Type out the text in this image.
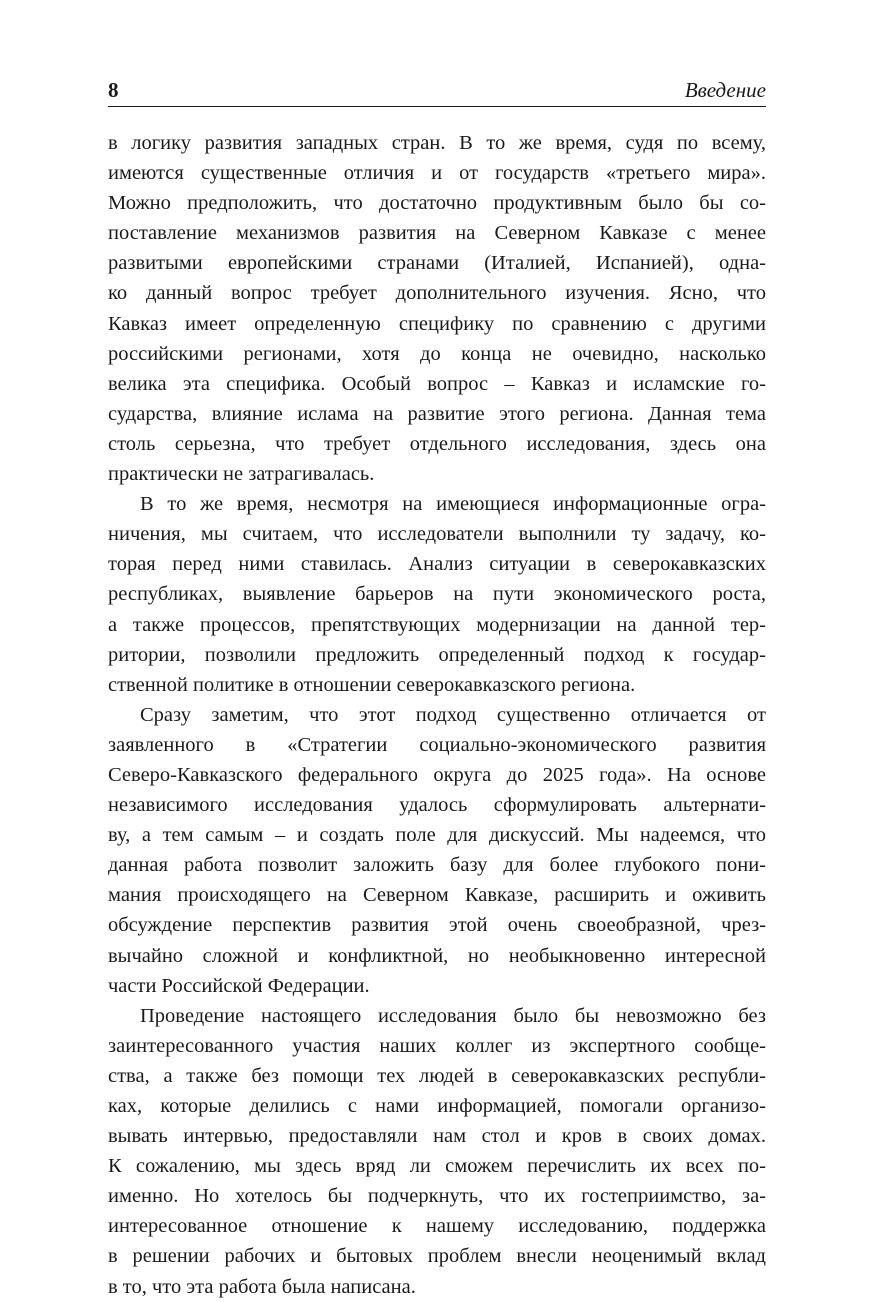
8	Введение
в логику развития западных стран. В то же время, судя по всему,
имеются существенные отличия и от государств «третьего мира».
Можно предположить, что достаточно продуктивным было бы со-
поставление механизмов развития на Северном Кавказе с менее
развитыми европейскими странами (Италией, Испанией), одна-
ко данный вопрос требует дополнительного изучения. Ясно, что
Кавказ имеет определенную специфику по сравнению с другими
российскими регионами, хотя до конца не очевидно, насколько
велика эта специфика. Особый вопрос – Кавказ и исламские го-
сударства, влияние ислама на развитие этого региона. Данная тема
столь серьезна, что требует отдельного исследования, здесь она
практически не затрагивалась.
В то же время, несмотря на имеющиеся информационные огра-
ничения, мы считаем, что исследователи выполнили ту задачу, ко-
торая перед ними ставилась. Анализ ситуации в северокавказских
республиках, выявление барьеров на пути экономического роста,
а также процессов, препятствующих модернизации на данной тер-
ритории, позволили предложить определенный подход к государ-
ственной политике в отношении северокавказского региона.
Сразу заметим, что этот подход существенно отличается от
заявленного в «Стратегии социально-экономического развития
Северо-Кавказского федерального округа до 2025 года». На основе
независимого исследования удалось сформулировать альтернати-
ву, а тем самым – и создать поле для дискуссий. Мы надеемся, что
данная работа позволит заложить базу для более глубокого пони-
мания происходящего на Северном Кавказе, расширить и оживить
обсуждение перспектив развития этой очень своеобразной, чрез-
вычайно сложной и конфликтной, но необыкновенно интересной
части Российской Федерации.
Проведение настоящего исследования было бы невозможно без
заинтересованного участия наших коллег из экспертного сообще-
ства, а также без помощи тех людей в северокавказских республи-
ках, которые делились с нами информацией, помогали организо-
вывать интервью, предоставляли нам стол и кров в своих домах.
К сожалению, мы здесь вряд ли сможем перечислить их всех по-
именно. Но хотелось бы подчеркнуть, что их гостеприимство, за-
интересованное отношение к нашему исследованию, поддержка
в решении рабочих и бытовых проблем внесли неоценимый вклад
в то, что эта работа была написана.
